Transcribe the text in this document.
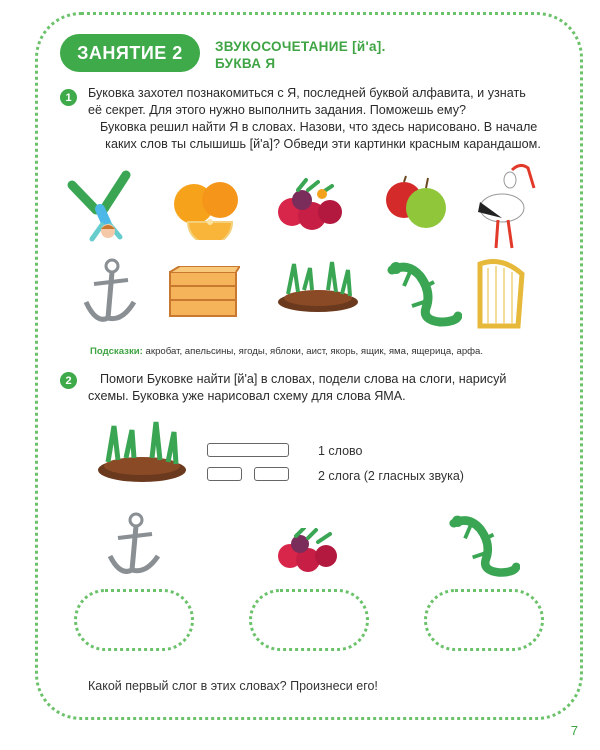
ЗАНЯТИЕ 2	ЗВУКОСОЧЕТАНИЕ [й'а].
БУКВА Я
1	Буковка захотел познакомиться с Я, последней буквой алфавита, и узнать
её секрет. Для этого нужно выполнить задания. Поможешь ему?
Буковка решил найти Я в словах. Назови, что здесь нарисовано. В начале
каких слов ты слышишь [й'а]? Обведи эти картинки красным карандашом.
Подсказки: акробат, апельсины, ягоды, яблоки, аист, якорь, ящик, яма, ящерица, арфа.
2	Помоги Буковке найти [й'а] в словах, подели слова на слоги, нарисуй
схемы. Буковка уже нарисовал схему для слова ЯМА.
1 слово
2 слога (2 гласных звука)
Какой первый слог в этих словах? Произнеси его!
7
